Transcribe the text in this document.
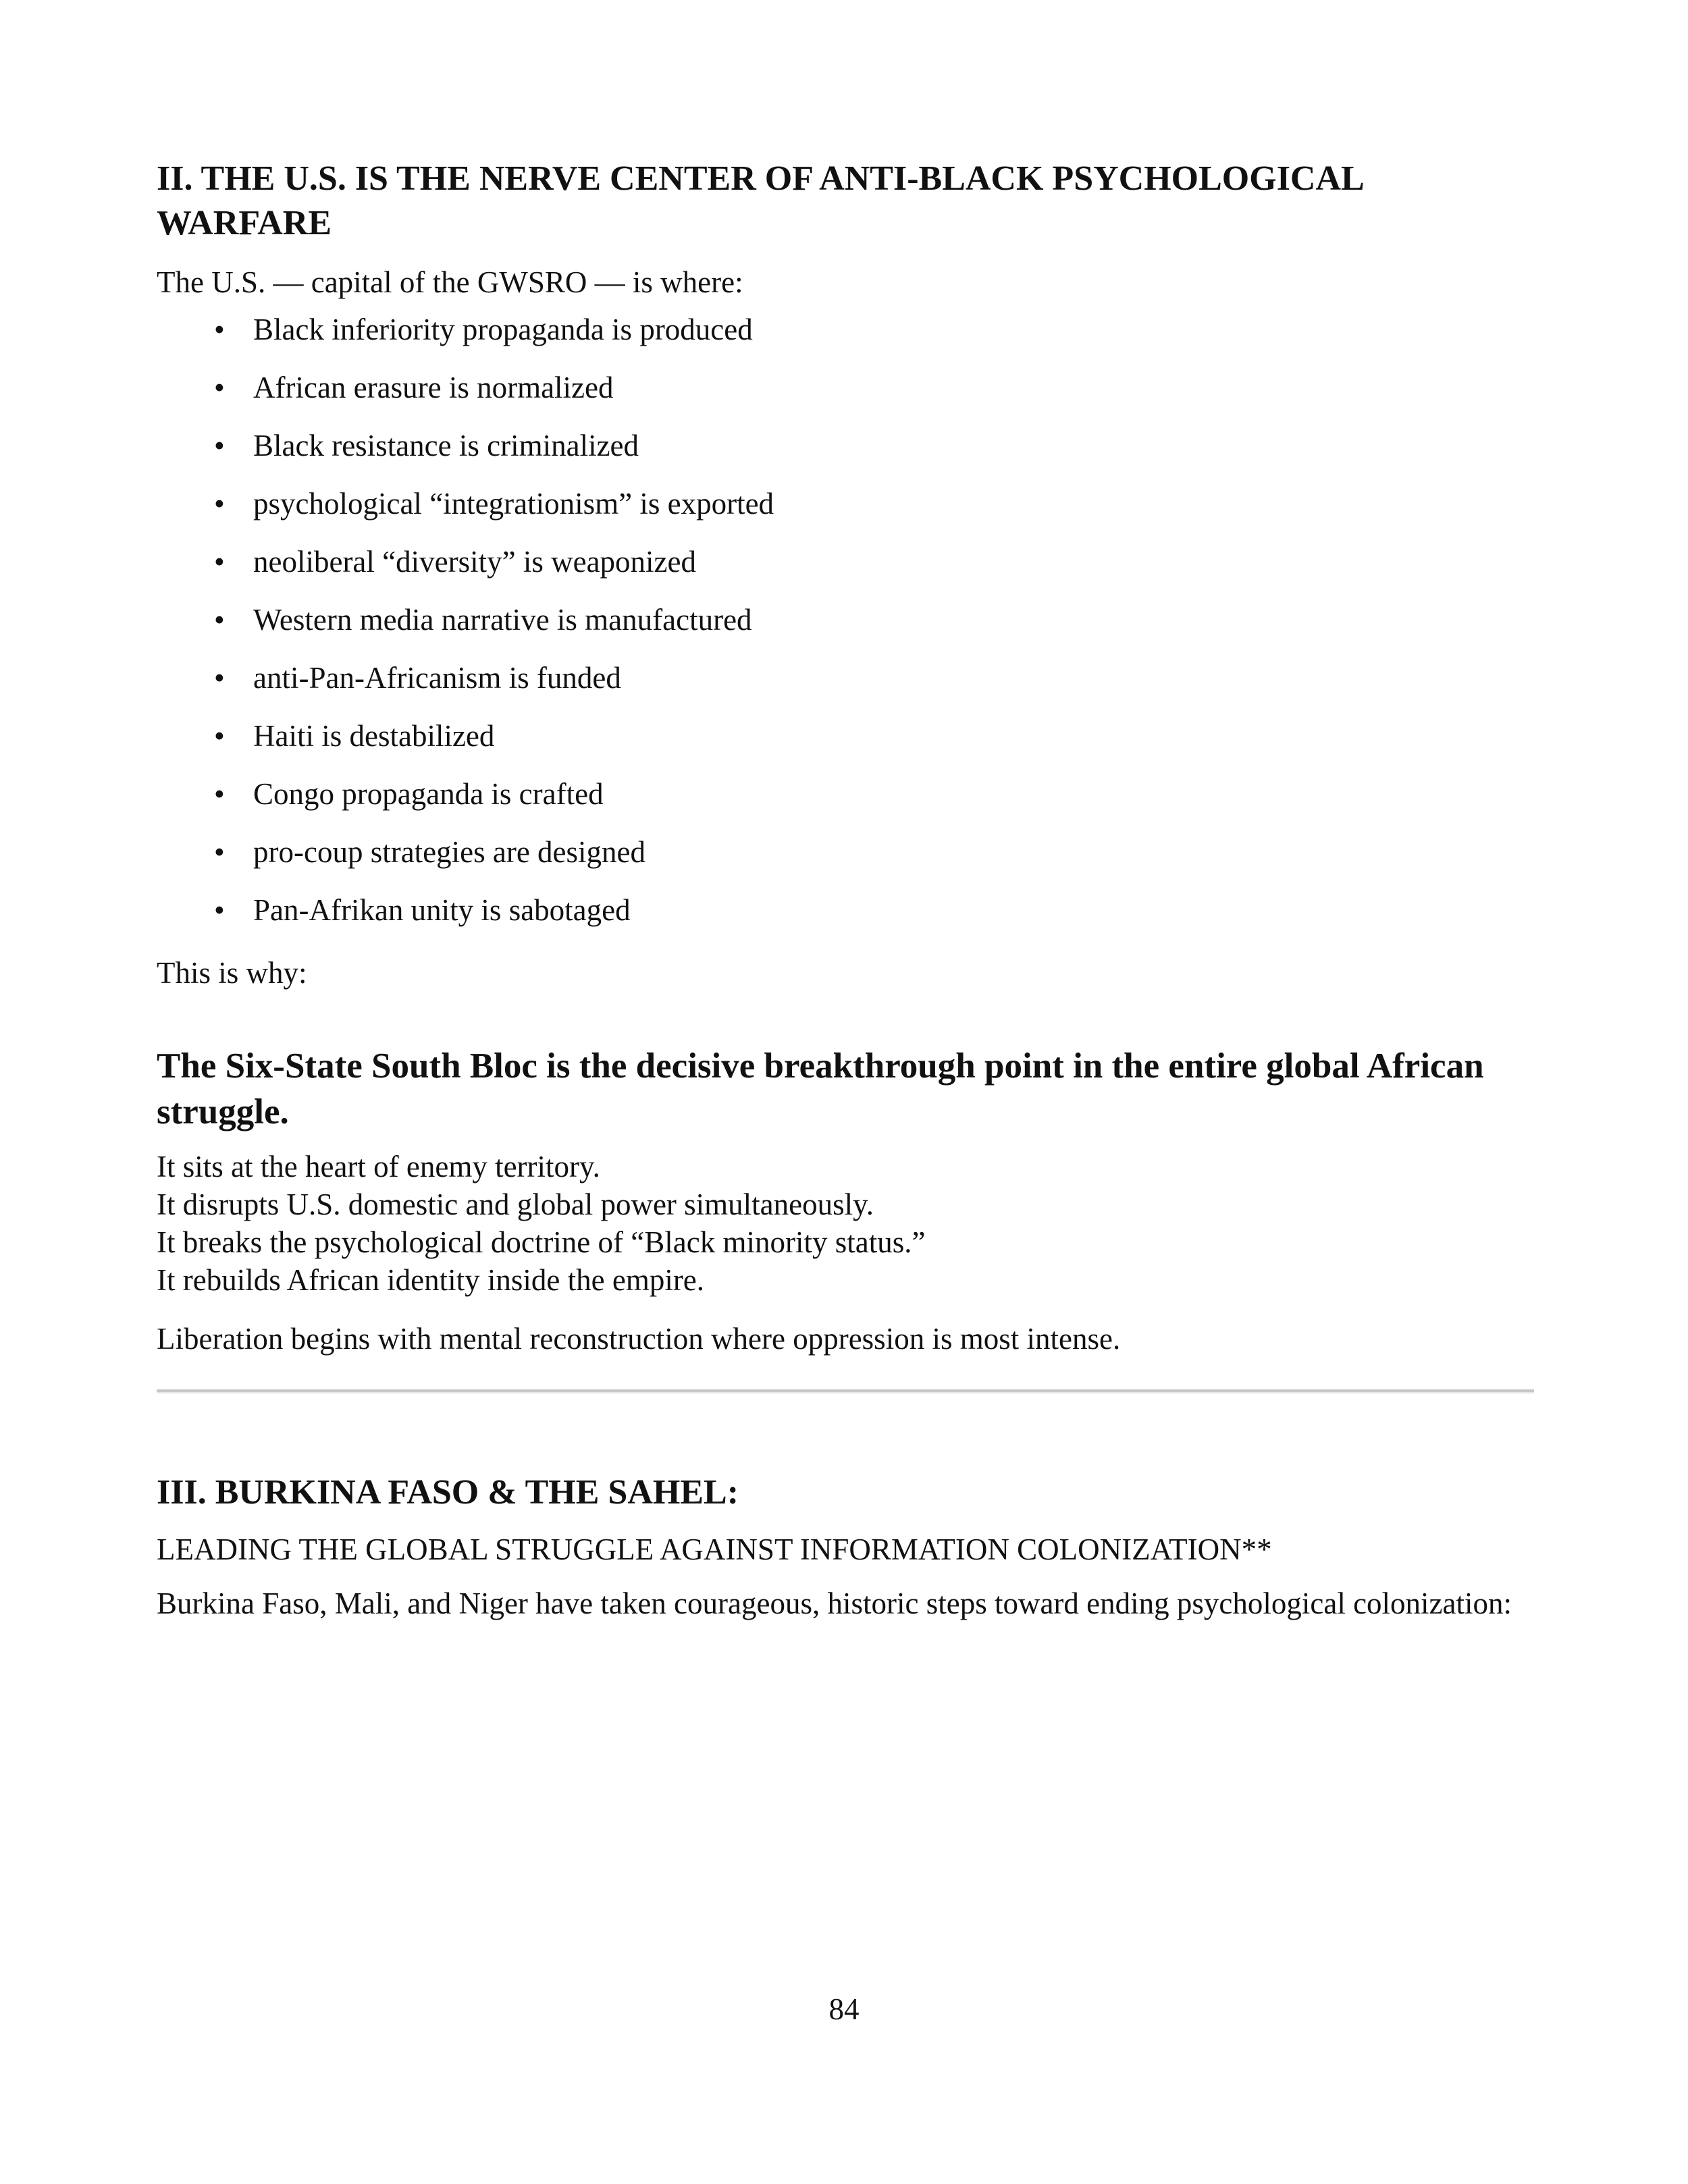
II. THE U.S. IS THE NERVE CENTER OF ANTI-BLACK PSYCHOLOGICAL WARFARE

The U.S. — capital of the GWSRO — is where:

• Black inferiority propaganda is produced
• African erasure is normalized
• Black resistance is criminalized
• psychological “integrationism” is exported
• neoliberal “diversity” is weaponized
• Western media narrative is manufactured
• anti-Pan-Africanism is funded
• Haiti is destabilized
• Congo propaganda is crafted
• pro-coup strategies are designed
• Pan-Afrikan unity is sabotaged

This is why:

The Six-State South Bloc is the decisive breakthrough point in the entire global African struggle.
It sits at the heart of enemy territory.
It disrupts U.S. domestic and global power simultaneously.
It breaks the psychological doctrine of “Black minority status.”
It rebuilds African identity inside the empire.

Liberation begins with mental reconstruction where oppression is most intense.

III. BURKINA FASO & THE SAHEL:

LEADING THE GLOBAL STRUGGLE AGAINST INFORMATION COLONIZATION**

Burkina Faso, Mali, and Niger have taken courageous, historic steps toward ending psychological colonization:

84
